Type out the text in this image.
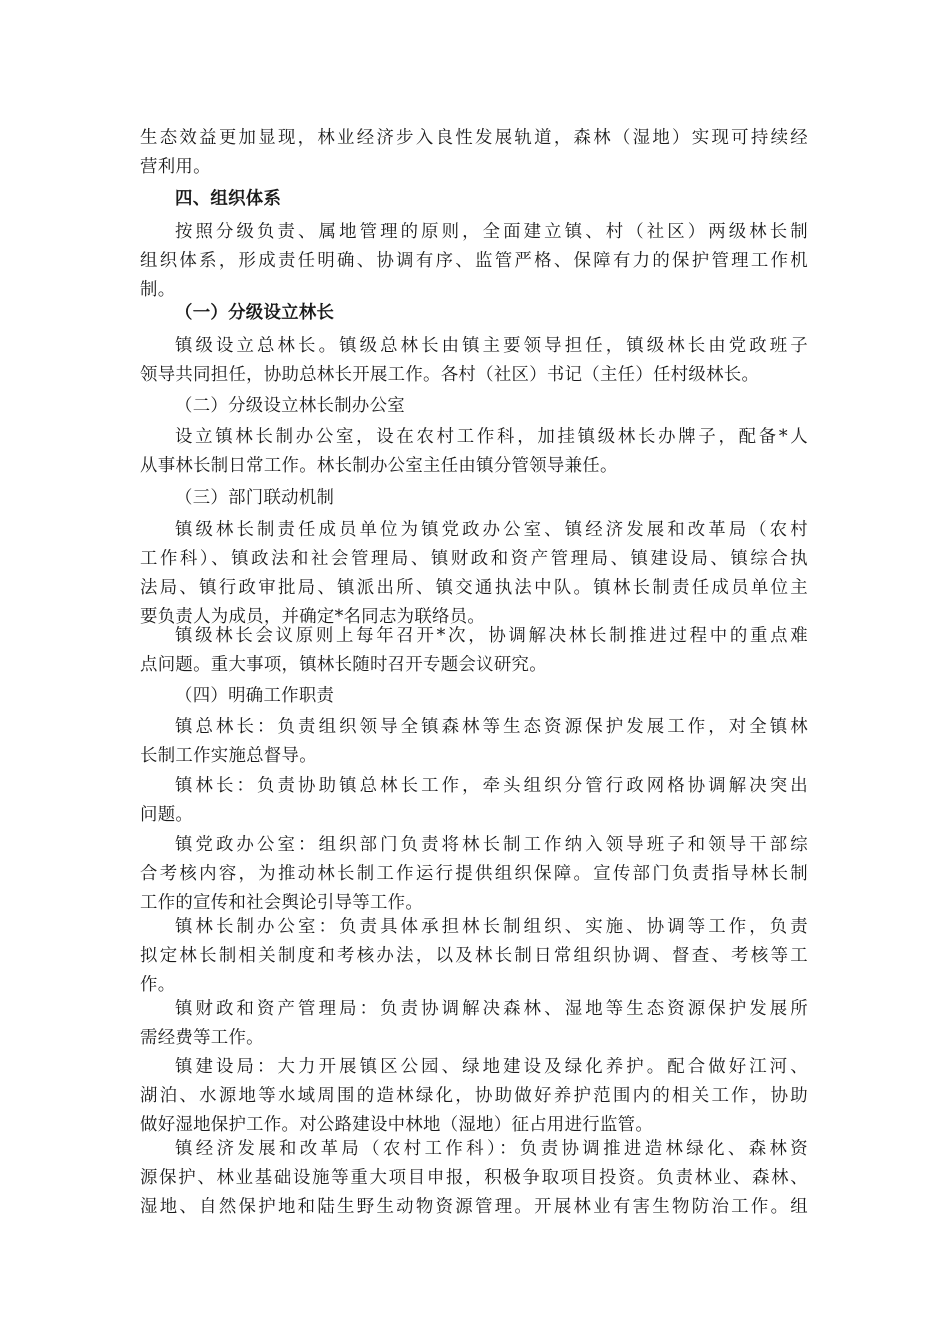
生态效益更加显现，林业经济步入良性发展轨道，森林（湿地）实现可持续经
营利用。
四、组织体系
按照分级负责、属地管理的原则，全面建立镇、村（社区）两级林长制
组织体系，形成责任明确、协调有序、监管严格、保障有力的保护管理工作机
制。
（一）分级设立林长
镇级设立总林长。镇级总林长由镇主要领导担任，镇级林长由党政班子
领导共同担任，协助总林长开展工作。各村（社区）书记（主任）任村级林长。
（二）分级设立林长制办公室
设立镇林长制办公室，设在农村工作科，加挂镇级林长办牌子，配备*人
从事林长制日常工作。林长制办公室主任由镇分管领导兼任。
（三）部门联动机制
镇级林长制责任成员单位为镇党政办公室、镇经济发展和改革局（农村
工作科）、镇政法和社会管理局、镇财政和资产管理局、镇建设局、镇综合执
法局、镇行政审批局、镇派出所、镇交通执法中队。镇林长制责任成员单位主
要负责人为成员，并确定*名同志为联络员。
镇级林长会议原则上每年召开*次，协调解决林长制推进过程中的重点难
点问题。重大事项，镇林长随时召开专题会议研究。
（四）明确工作职责
镇总林长：负责组织领导全镇森林等生态资源保护发展工作，对全镇林
长制工作实施总督导。
镇林长：负责协助镇总林长工作，牵头组织分管行政网格协调解决突出
问题。
镇党政办公室：组织部门负责将林长制工作纳入领导班子和领导干部综
合考核内容，为推动林长制工作运行提供组织保障。宣传部门负责指导林长制
工作的宣传和社会舆论引导等工作。
镇林长制办公室：负责具体承担林长制组织、实施、协调等工作，负责
拟定林长制相关制度和考核办法，以及林长制日常组织协调、督查、考核等工
作。
镇财政和资产管理局：负责协调解决森林、湿地等生态资源保护发展所
需经费等工作。
镇建设局：大力开展镇区公园、绿地建设及绿化养护。配合做好江河、
湖泊、水源地等水域周围的造林绿化，协助做好养护范围内的相关工作，协助
做好湿地保护工作。对公路建设中林地（湿地）征占用进行监管。
镇经济发展和改革局（农村工作科）：负责协调推进造林绿化、森林资
源保护、林业基础设施等重大项目申报，积极争取项目投资。负责林业、森林、
湿地、自然保护地和陆生野生动物资源管理。开展林业有害生物防治工作。组
